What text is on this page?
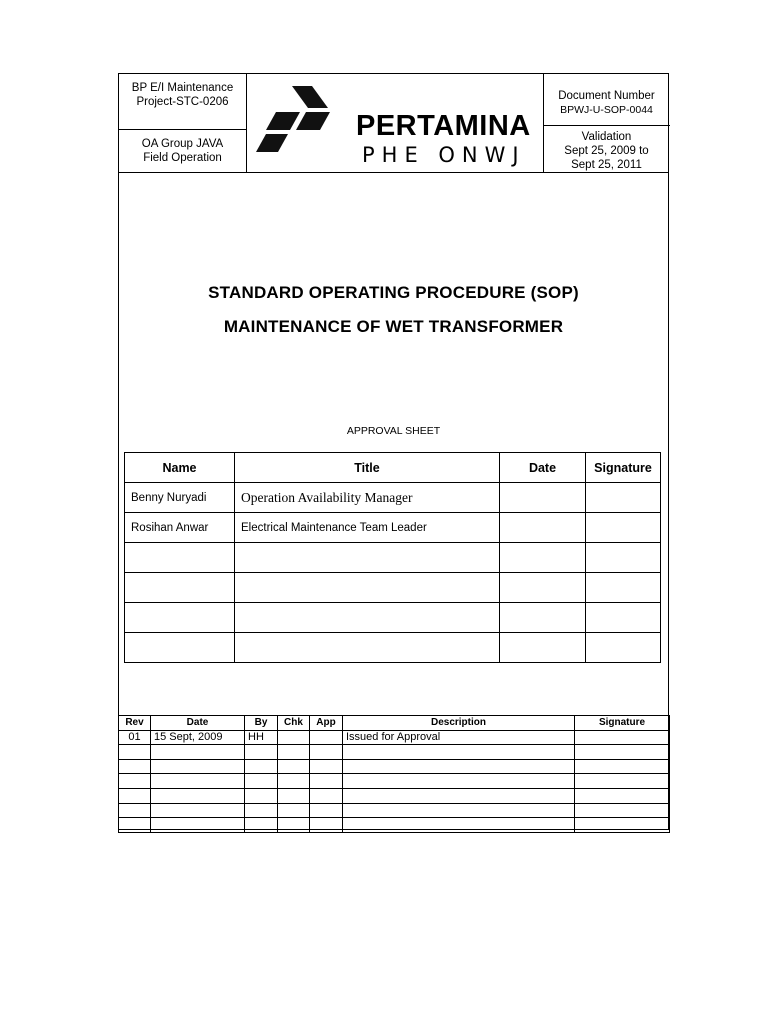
BP E/I Maintenance
Project-STC-0206
OA Group JAVA
Field Operation
Document Number
BPWJ-U-SOP-0044
Validation
Sept 25, 2009 to
Sept 25, 2011
PERTAMINA
PHE ONWJ
STANDARD OPERATING PROCEDURE (SOP)
MAINTENANCE OF WET TRANSFORMER
APPROVAL SHEET
Name	Title	Date	Signature
Benny Nuryadi	Operation Availability Manager		
Rosihan Anwar	Electrical Maintenance Team Leader		

Rev	Date	By	Chk	App	Description	Signature
01	15 Sept, 2009	HH			Issued for Approval	
